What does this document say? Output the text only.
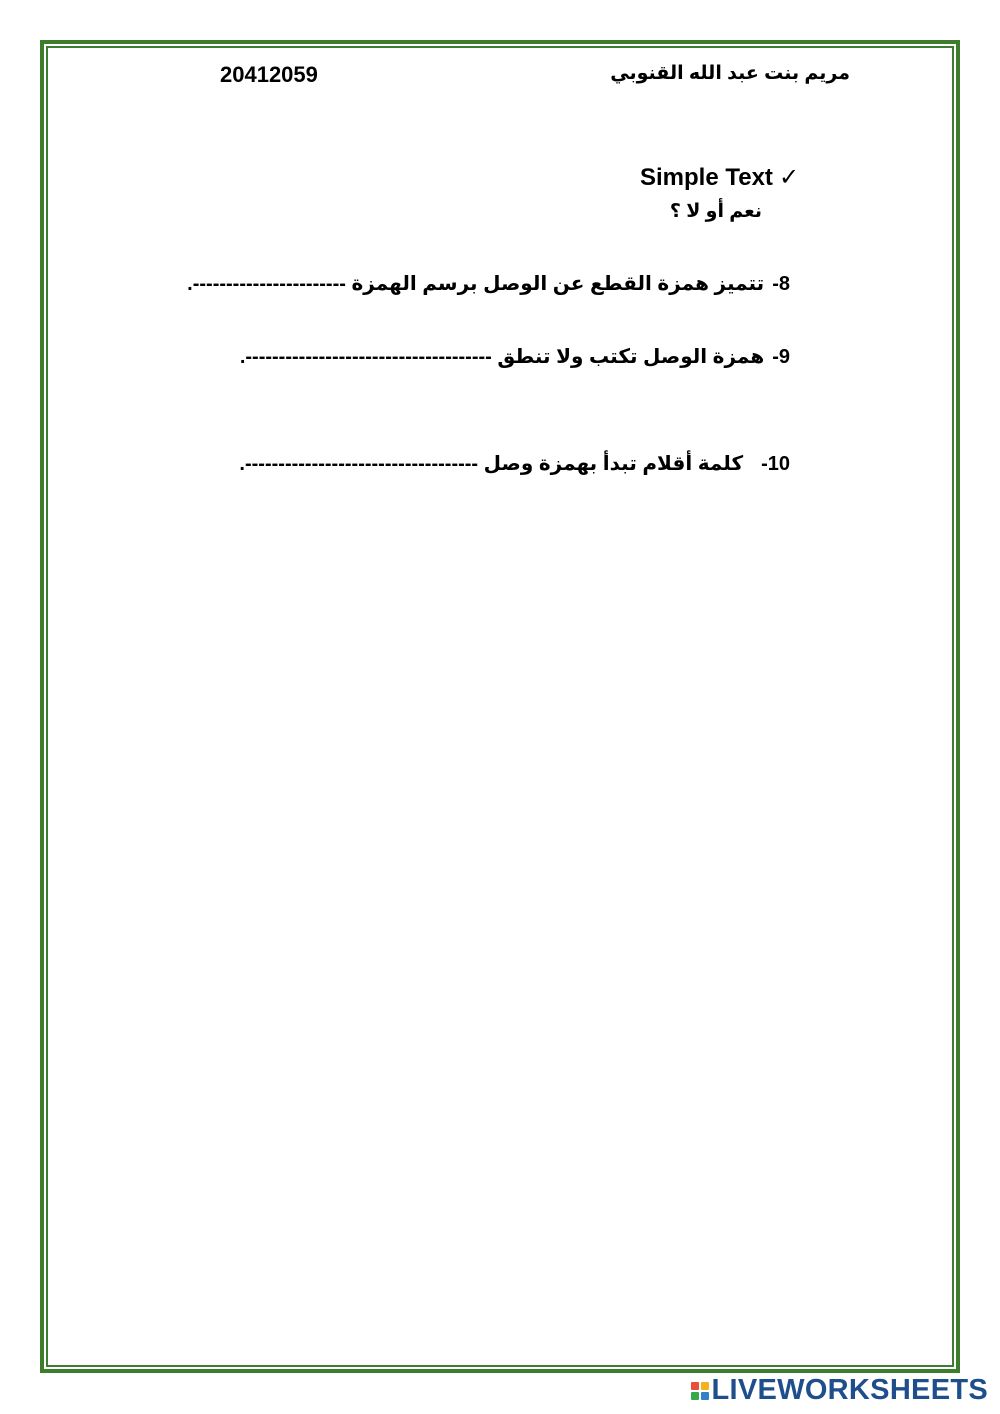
20412059	مريم بنت عبد الله القنوبي
Simple Text ✓
نعم أو لا ؟
8-تتميز همزة القطع عن الوصل برسم الهمزة -----------------------.
9-همزة الوصل تكتب ولا تنطق -------------------------------------.
10-كلمة أقلام تبدأ بهمزة وصل -----------------------------------.
LIVEWORKSHEETS
